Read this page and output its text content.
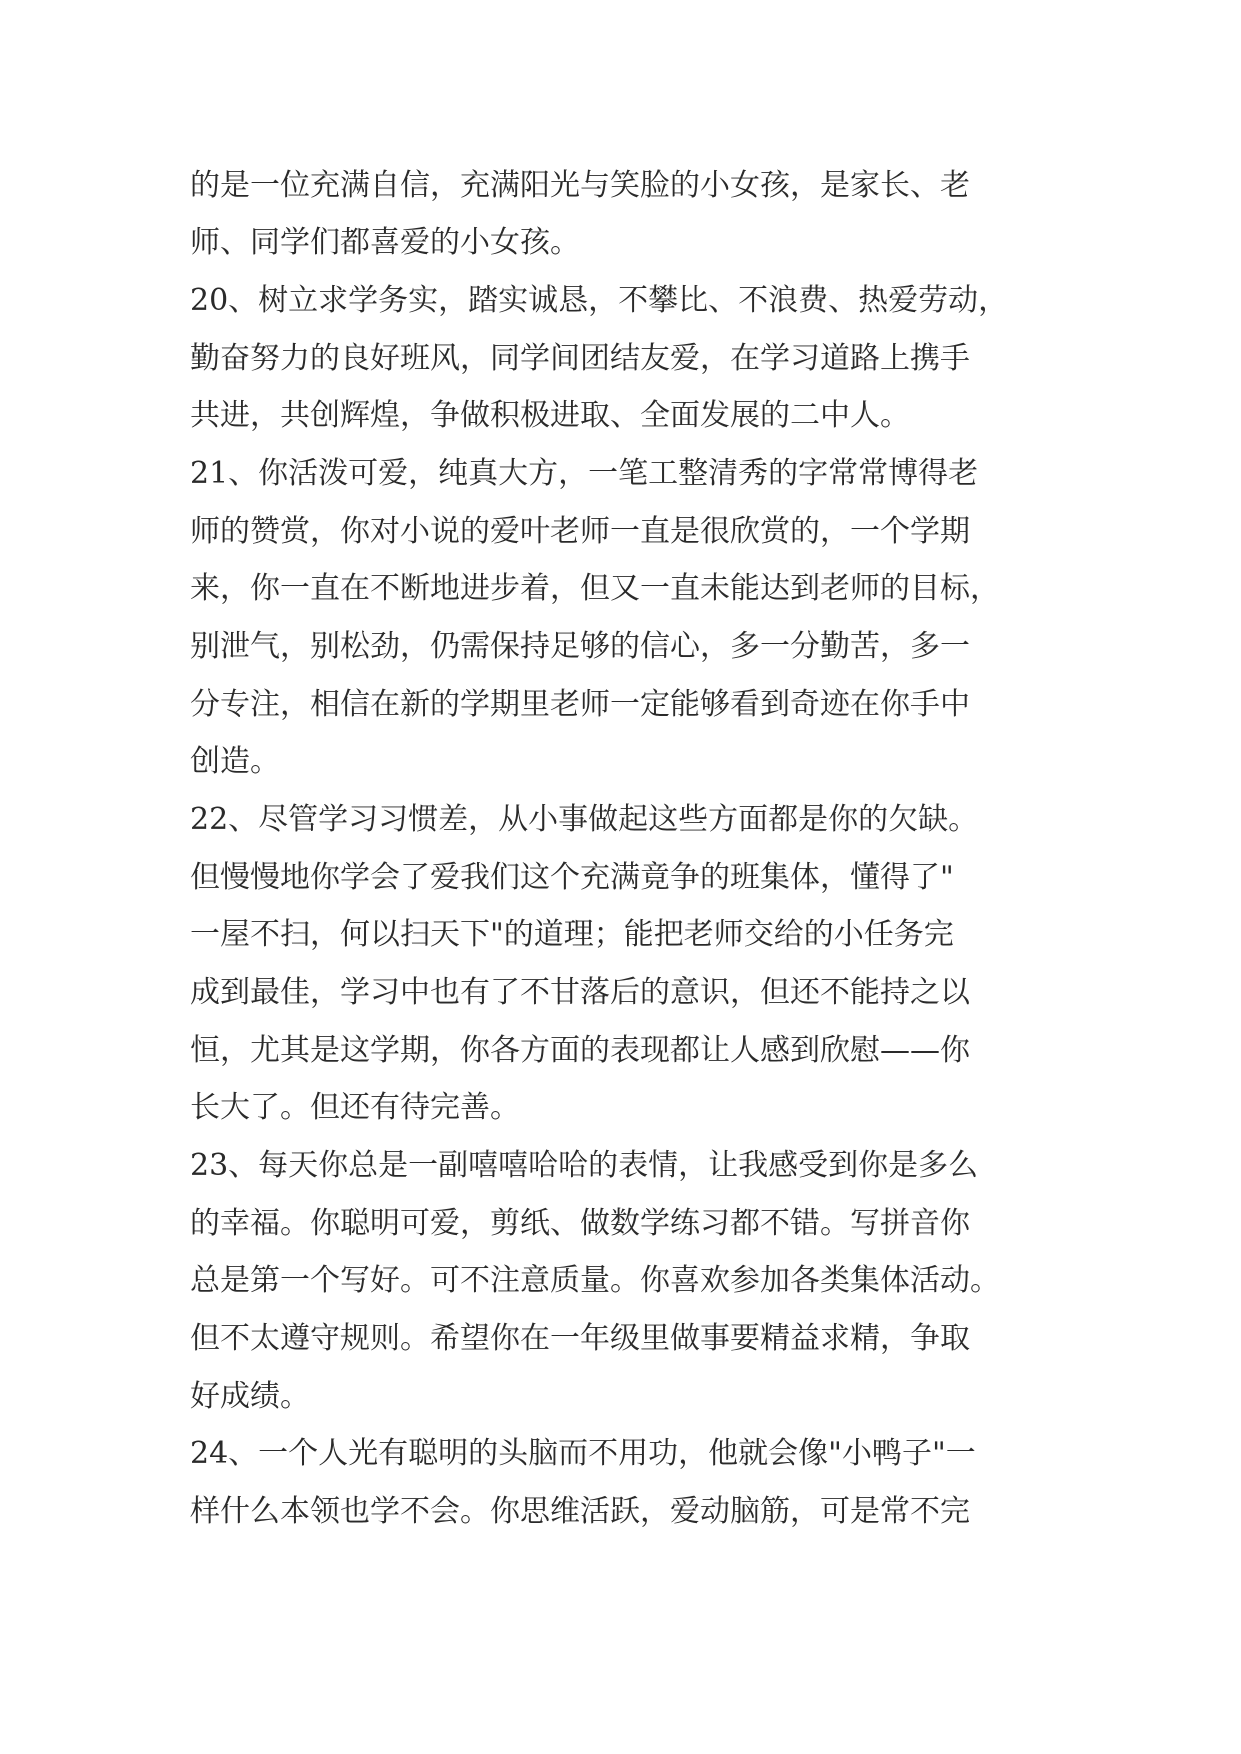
的是一位充满自信，充满阳光与笑脸的小女孩，是家长、老
师、同学们都喜爱的小女孩。
20、树立求学务实，踏实诚恳，不攀比、不浪费、热爱劳动，
勤奋努力的良好班风，同学间团结友爱，在学习道路上携手
共进，共创辉煌，争做积极进取、全面发展的二中人。
21、你活泼可爱，纯真大方，一笔工整清秀的字常常博得老
师的赞赏，你对小说的爱叶老师一直是很欣赏的，一个学期
来，你一直在不断地进步着，但又一直未能达到老师的目标，
别泄气，别松劲，仍需保持足够的信心，多一分勤苦，多一
分专注，相信在新的学期里老师一定能够看到奇迹在你手中
创造。
22、尽管学习习惯差，从小事做起这些方面都是你的欠缺。
但慢慢地你学会了爱我们这个充满竟争的班集体，懂得了"
一屋不扫，何以扫天下"的道理；能把老师交给的小任务完
成到最佳，学习中也有了不甘落后的意识，但还不能持之以
恒，尤其是这学期，你各方面的表现都让人感到欣慰——你
长大了。但还有待完善。
23、每天你总是一副嘻嘻哈哈的表情，让我感受到你是多么
的幸福。你聪明可爱，剪纸、做数学练习都不错。写拼音你
总是第一个写好。可不注意质量。你喜欢参加各类集体活动。
但不太遵守规则。希望你在一年级里做事要精益求精，争取
好成绩。
24、一个人光有聪明的头脑而不用功，他就会像"小鸭子"一
样什么本领也学不会。你思维活跃，爱动脑筋，可是常不完
